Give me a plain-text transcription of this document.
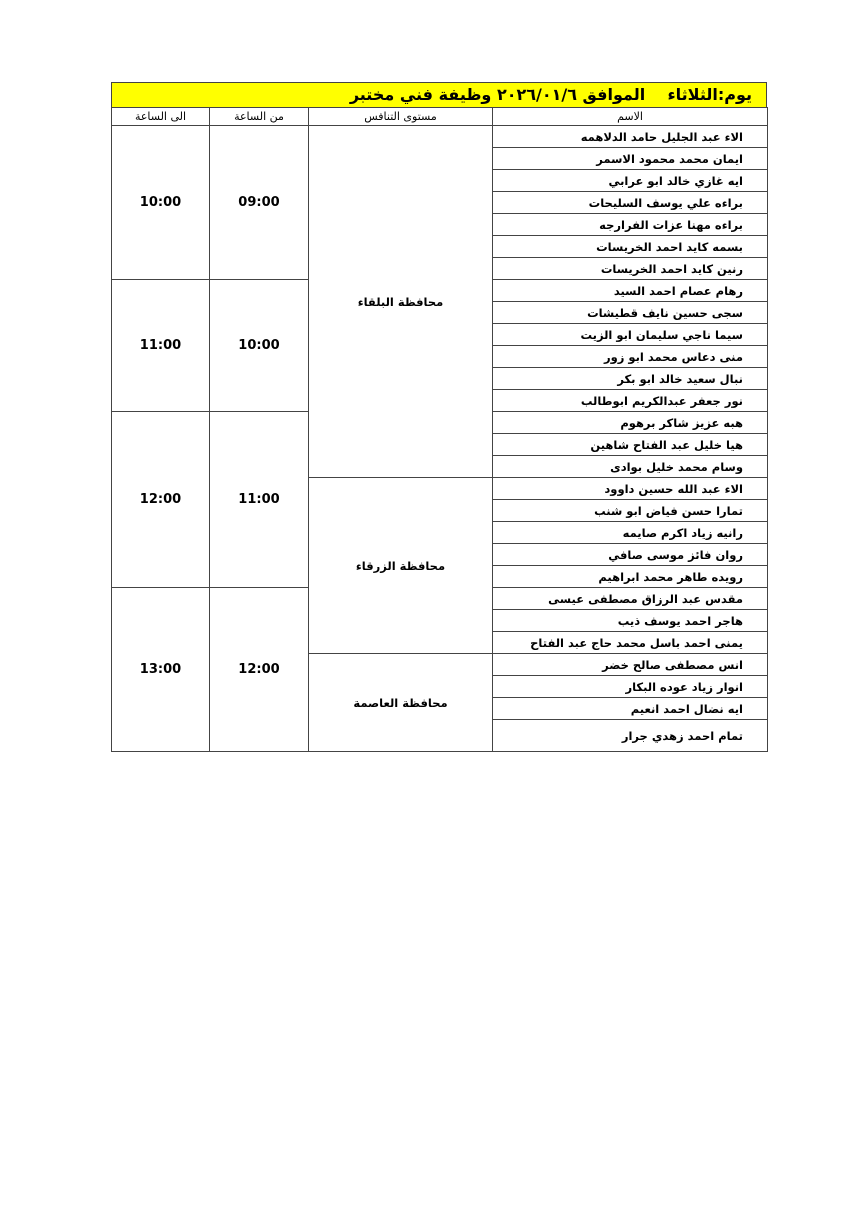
يوم:الثلاثاء    الموافق ٢٠٢٦/٠١/٦ وظيفة فني مختبر
الى الساعة	من الساعة	مستوى التنافس	الاسم
10:00	09:00	محافظة البلقاء	الاء عبد الجليل حامد الدلاهمه
			ايمان محمد محمود الاسمر
			ايه غازي خالد ابو عرابي
			براءه علي يوسف السليحات
			براءه مهنا عزات الفرارجه
			بسمه كايد احمد الخريسات
			رنين كايد احمد الخريسات
11:00	10:00		رهام عصام احمد السيد
			سجى حسين نايف قطيشات
			سيما ناجي سليمان ابو الزيت
			منى دعاس محمد ابو زور
			نبال سعيد خالد ابو بكر
			نور جعفر عبدالكريم ابوطالب
12:00	11:00		هبه عزيز شاكر برهوم
			هيا خليل عبد الفتاح شاهين
			وسام محمد خليل بوادى
		محافظة الزرقاء	الاء عبد الله حسين داوود
			تمارا حسن فياض ابو شنب
			رانيه زياد اكرم صايمه
			روان فائز موسى صافي
			رويده طاهر محمد ابراهيم
13:00	12:00		مقدس عبد الرزاق مصطفى عيسى
			هاجر احمد يوسف ذيب
			يمنى احمد باسل محمد حاج عبد الفتاح
		محافظة العاصمة	انس مصطفى صالح خضر
			انوار زياد عوده البكار
			ايه نضال احمد انعيم
			تمام احمد زهدي جرار
